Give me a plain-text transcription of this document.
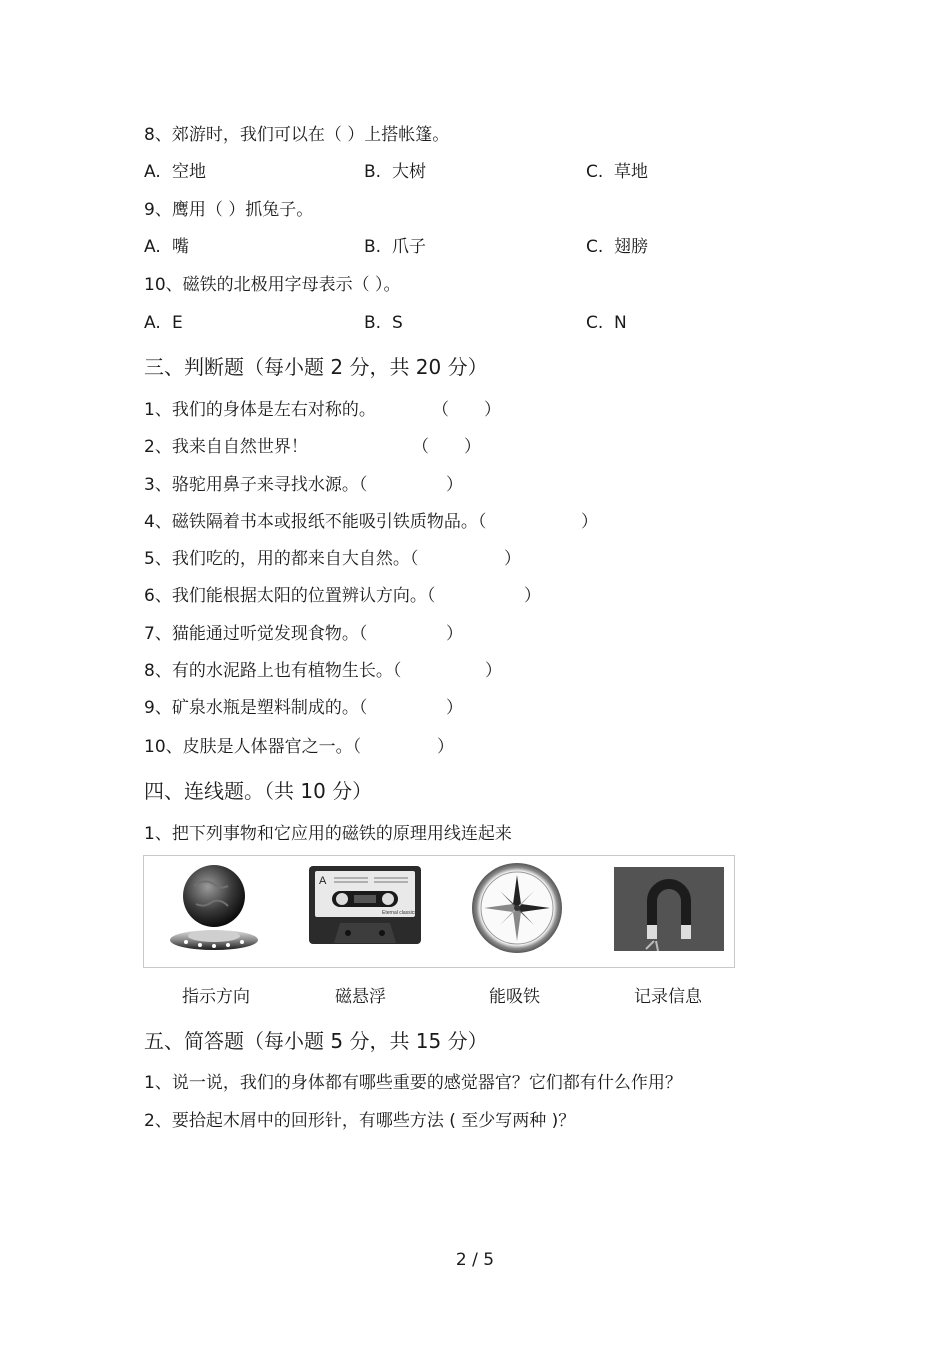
8、郊游时，我们可以在（ ）上搭帐篷。
A. 空地	B. 大树	C. 草地
9、鹰用（ ）抓兔子。
A. 嘴	B. 爪子	C. 翅膀
10、磁铁的北极用字母表示（ ）。
A. E	B. S	C. N
三、判断题（每小题 2 分，共 20 分）
1、我们的身体是左右对称的。	（ ）
2、我来自自然世界！	（ ）
3、骆驼用鼻子来寻找水源。（	）
4、磁铁隔着书本或报纸不能吸引铁质物品。（	）
5、我们吃的，用的都来自大自然。（	）
6、我们能根据太阳的位置辨认方向。（	）
7、猫能通过听觉发现食物。（	）
8、有的水泥路上也有植物生长。（	）
9、矿泉水瓶是塑料制成的。（	）
10、皮肤是人体器官之一。（	）
四、连线题。（共 10 分）
1、把下列事物和它应用的磁铁的原理用线连起来
A
Eternal classics
指示方向	磁悬浮	能吸铁	记录信息
五、简答题（每小题 5 分，共 15 分）
1、说一说，我们的身体都有哪些重要的感觉器官？它们都有什么作用？
2、要拾起木屑中的回形针，有哪些方法 ( 至少写两种 )？
2 / 5
